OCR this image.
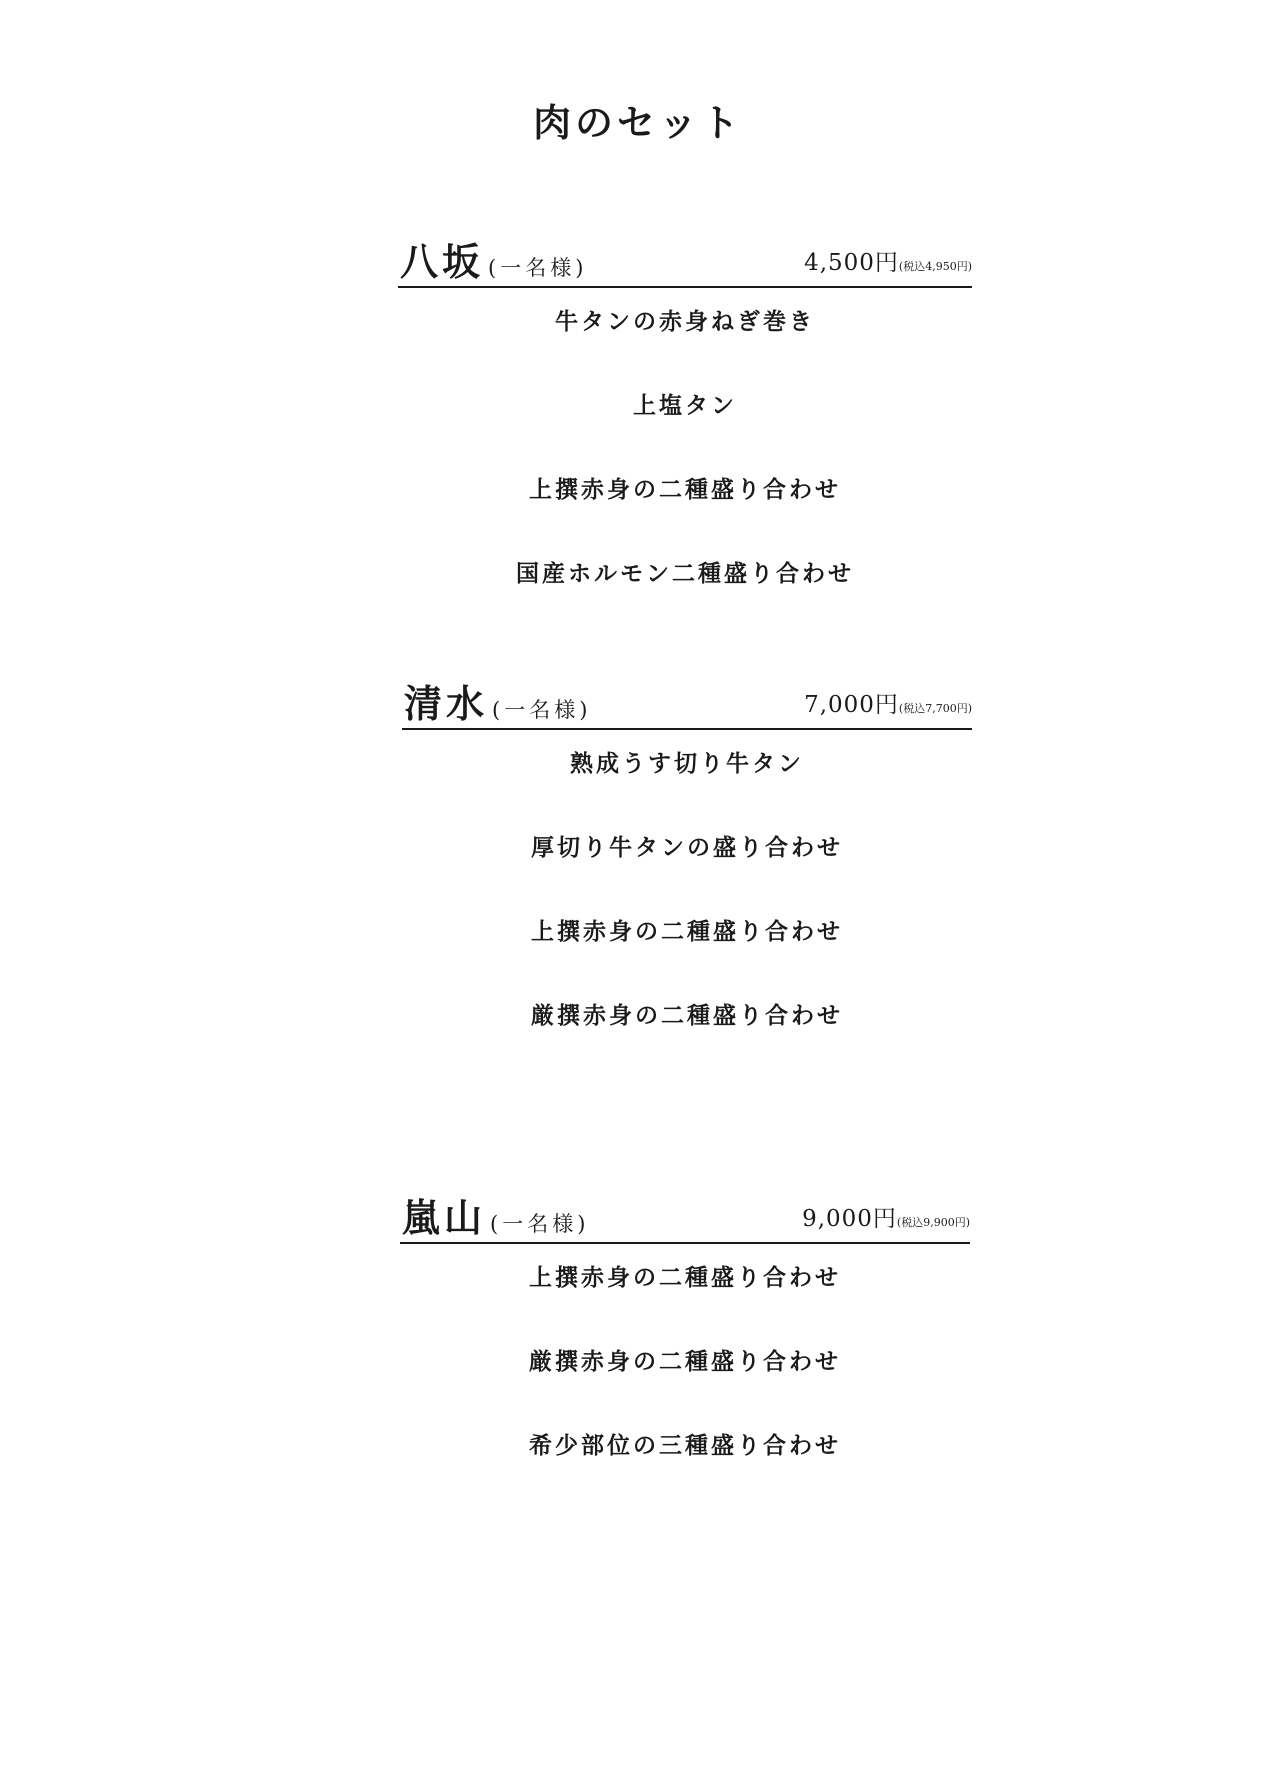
肉のセット
八坂 (一名様)	4,500円(税込4,950円)
牛タンの赤身ねぎ巻き
上塩タン
上撰赤身の二種盛り合わせ
国産ホルモン二種盛り合わせ
清水 (一名様)	7,000円(税込7,700円)
熟成うす切り牛タン
厚切り牛タンの盛り合わせ
上撰赤身の二種盛り合わせ
厳撰赤身の二種盛り合わせ
嵐山 (一名様)	9,000円(税込9,900円)
上撰赤身の二種盛り合わせ
厳撰赤身の二種盛り合わせ
希少部位の三種盛り合わせ
